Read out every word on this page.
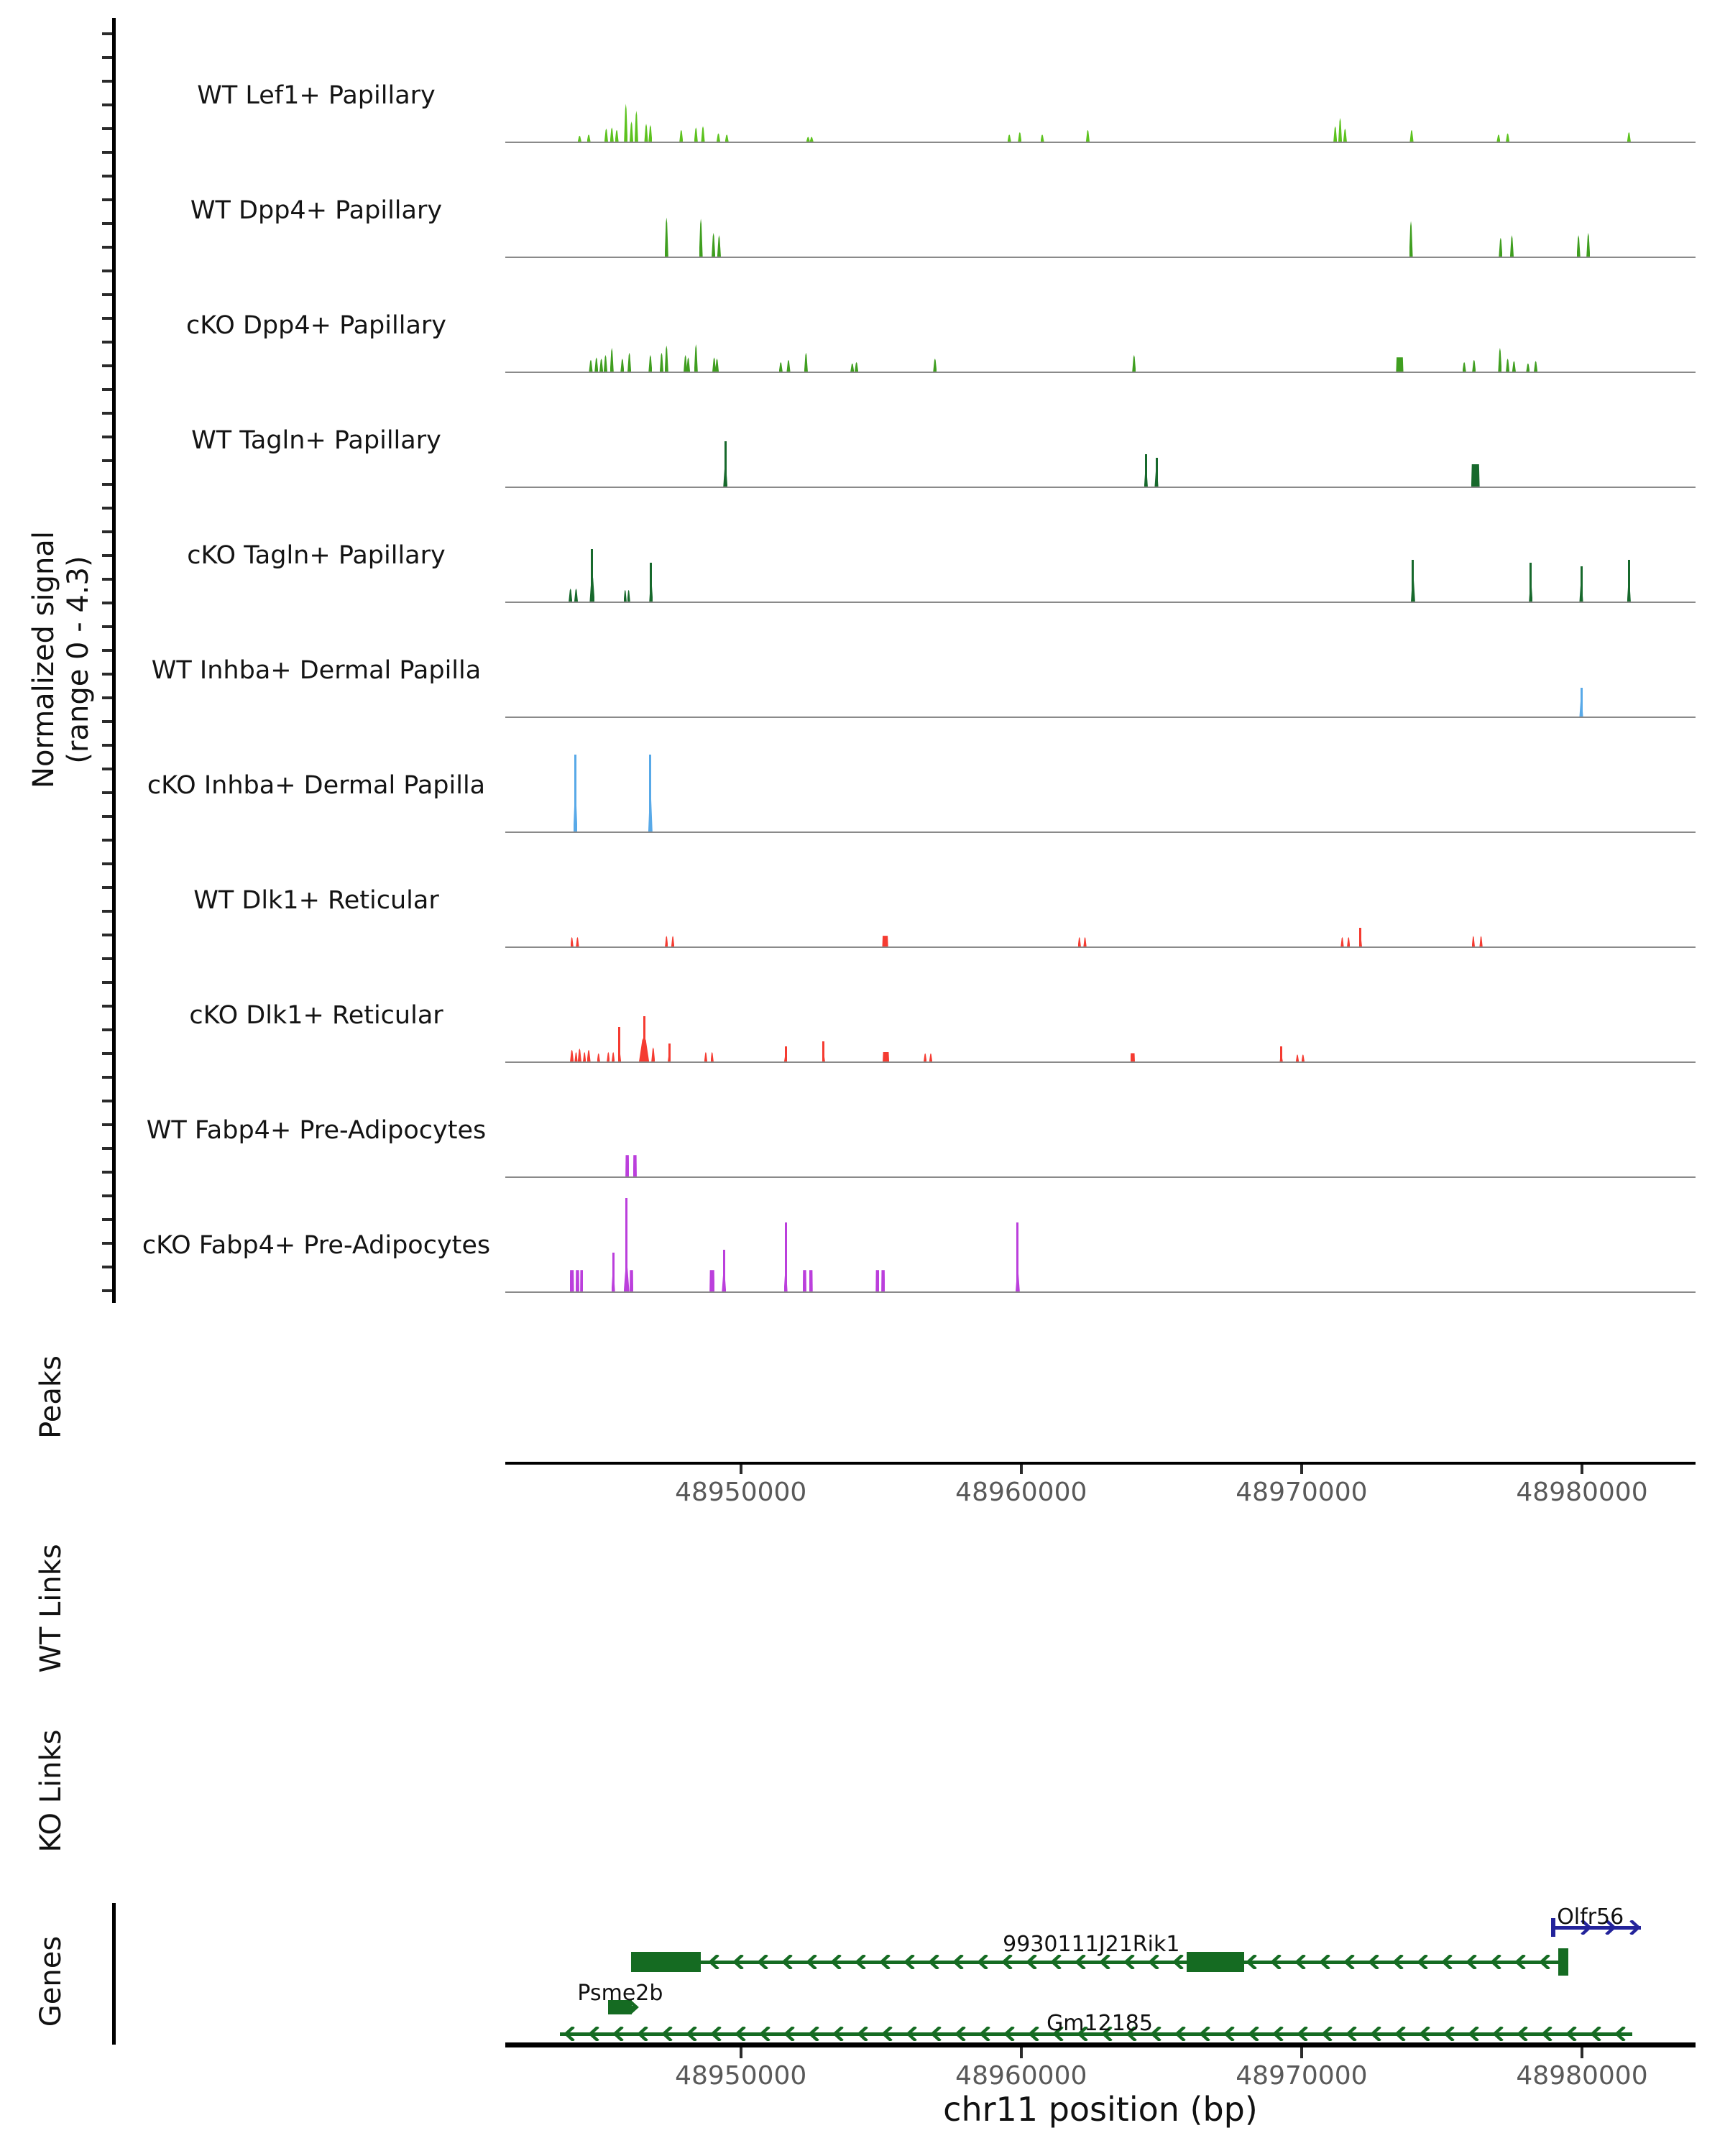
Normalized signal (range 0 - 4.3)
Peaks
WT Links
KO Links
Genes
WT Lef1+ Papillary
WT Dpp4+ Papillary
cKO Dpp4+ Papillary
WT Tagln+ Papillary
cKO Tagln+ Papillary
WT Inhba+ Dermal Papilla
cKO Inhba+ Dermal Papilla
WT Dlk1+ Reticular
cKO Dlk1+ Reticular
WT Fabp4+ Pre-Adipocytes
cKO Fabp4+ Pre-Adipocytes
48950000	48960000	48970000	48980000
9930111J21Rik1
Psme2b
Gm12185
Olfr56
48950000	48960000	48970000	48980000
chr11 position (bp)
